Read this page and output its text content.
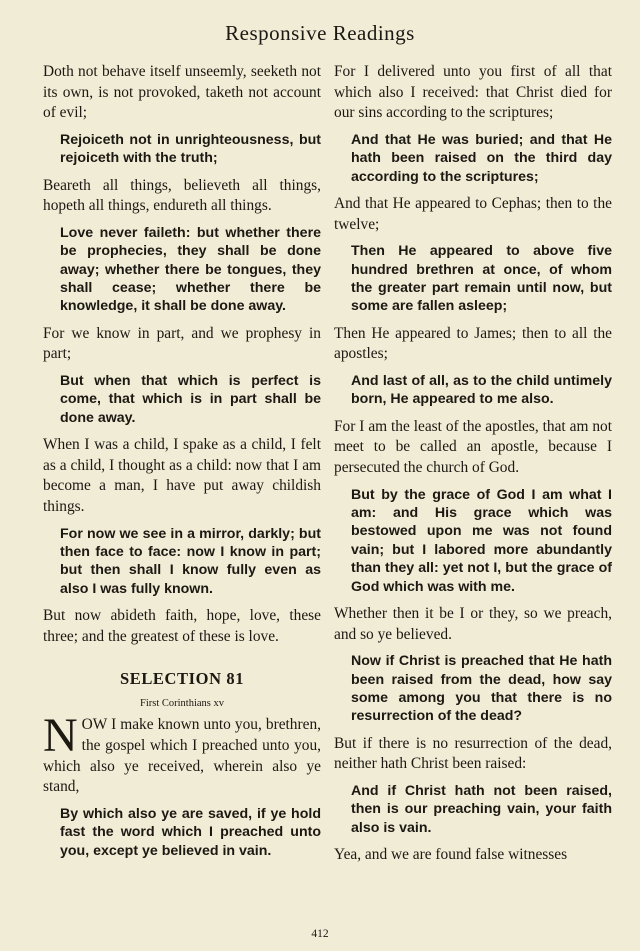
Responsive Readings

Doth not behave itself unseemly, seeketh not its own, is not provoked, taketh not account of evil;

Rejoiceth not in unrighteousness, but rejoiceth with the truth;

Beareth all things, believeth all things, hopeth all things, endureth all things.

Love never faileth: but whether there be prophecies, they shall be done away; whether there be tongues, they shall cease; whether there be knowledge, it shall be done away.

For we know in part, and we prophesy in part;

But when that which is perfect is come, that which is in part shall be done away.

When I was a child, I spake as a child, I felt as a child, I thought as a child: now that I am become a man, I have put away childish things.

For now we see in a mirror, darkly; but then face to face: now I know in part; but then shall I know fully even as also I was fully known.

But now abideth faith, hope, love, these three; and the greatest of these is love.

SELECTION 81
First Corinthians xv

NOW I make known unto you, brethren, the gospel which I preached unto you, which also ye received, wherein also ye stand,

By which also ye are saved, if ye hold fast the word which I preached unto you, except ye believed in vain.

For I delivered unto you first of all that which also I received: that Christ died for our sins according to the scriptures;

And that He was buried; and that He hath been raised on the third day according to the scriptures;

And that He appeared to Cephas; then to the twelve;

Then He appeared to above five hundred brethren at once, of whom the greater part remain until now, but some are fallen asleep;

Then He appeared to James; then to all the apostles;

And last of all, as to the child untimely born, He appeared to me also.

For I am the least of the apostles, that am not meet to be called an apostle, because I persecuted the church of God.

But by the grace of God I am what I am: and His grace which was bestowed upon me was not found vain; but I labored more abundantly than they all: yet not I, but the grace of God which was with me.

Whether then it be I or they, so we preach, and so ye believed.

Now if Christ is preached that He hath been raised from the dead, how say some among you that there is no resurrection of the dead?

But if there is no resurrection of the dead, neither hath Christ been raised:

And if Christ hath not been raised, then is our preaching vain, your faith also is vain.

Yea, and we are found false witnesses

412
